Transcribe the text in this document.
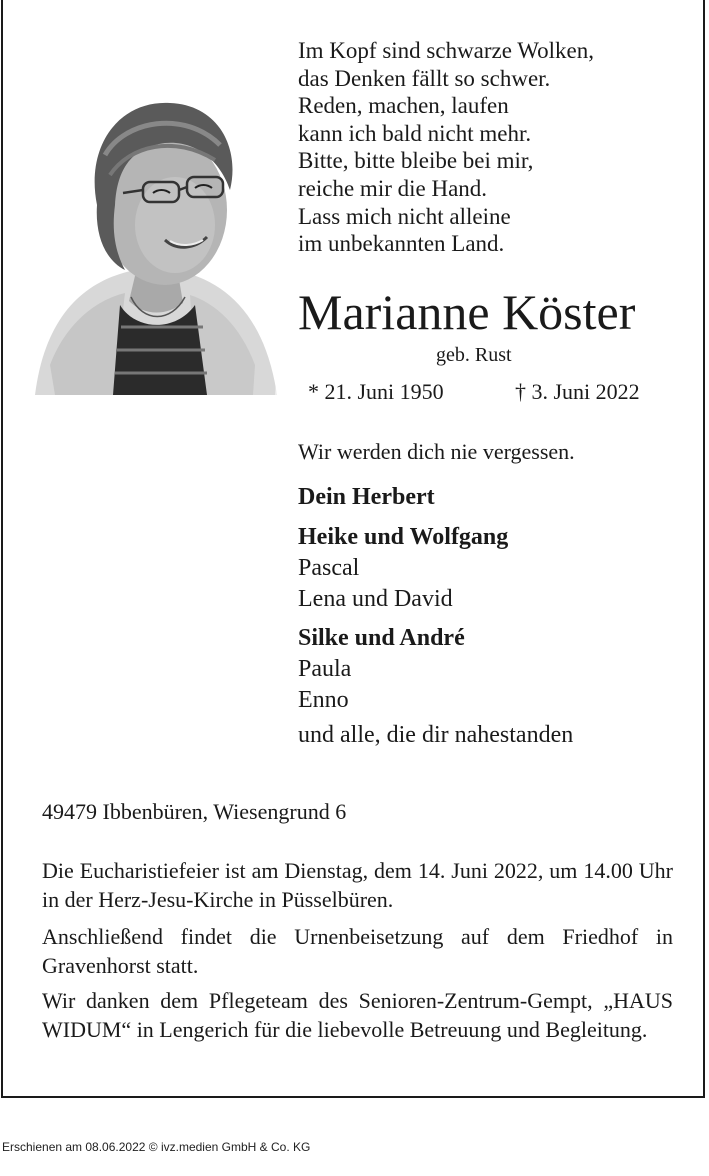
Im Kopf sind schwarze Wolken,
das Denken fällt so schwer.
Reden, machen, laufen
kann ich bald nicht mehr.
Bitte, bitte bleibe bei mir,
reiche mir die Hand.
Lass mich nicht alleine
im unbekannten Land.
Marianne Köster
geb. Rust
* 21. Juni 1950	† 3. Juni 2022
Wir werden dich nie vergessen.
Dein Herbert
Heike und Wolfgang
Pascal
Lena und David
Silke und André
Paula
Enno
und alle, die dir nahestanden
49479 Ibbenbüren, Wiesengrund 6

Die Eucharistiefeier ist am Dienstag, dem 14. Juni 2022, um 14.00 Uhr in der Herz-Jesu-Kirche in Püsselbüren.

Anschließend findet die Urnenbeisetzung auf dem Friedhof in Gravenhorst statt.

Wir danken dem Pflegeteam des Senioren-Zentrum-Gempt, „HAUS WIDUM“ in Lengerich für die liebevolle Betreuung und Begleitung.

Erschienen am 08.06.2022 © ivz.medien GmbH & Co. KG
